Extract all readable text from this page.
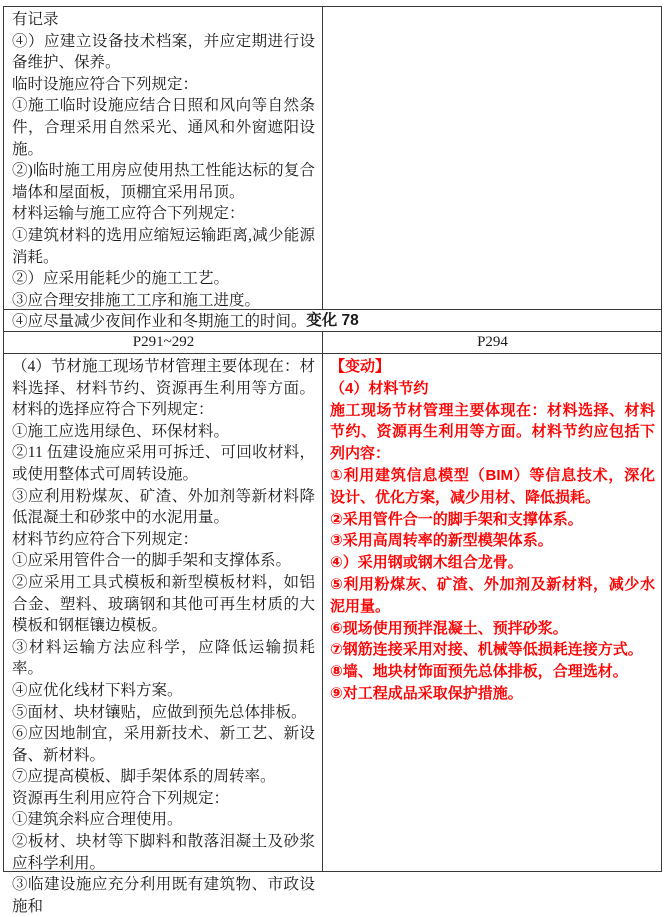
有记录

④）应建立设备技术档案，并应定期进行设备维护、保养。

临时设施应符合下列规定：

①施工临时设施应结合日照和风向等自然条件，合理采用自然采光、通风和外窗遮阳设施。

②)临时施工用房应使用热工性能达标的复合墙体和屋面板，顶棚宜采用吊顶。

材料运输与施工应符合下列规定：

①建筑材料的选用应缩短运输距离,减少能源消耗。

②）应采用能耗少的施工工艺。

③应合理安排施工工序和施工进度。

④应尽量减少夜间作业和冬期施工的时间。 变化 78
P291~292	P294

（4）节材施工现场节材管理主要体现在：材料选择、材料节约、资源再生利用等方面。材料的选择应符合下列规定：

①施工应选用绿色、环保材料。

②11 伍建设施应采用可拆迁、可回收材料，或使用整体式可周转设施。

③应利用粉煤灰、矿渣、外加剂等新材料降低混凝土和砂浆中的水泥用量。

材料节约应符合下列规定：

①应采用管件合一的脚手架和支撑体系。

②应采用工具式模板和新型模板材料，如铝合金、塑料、玻璃钢和其他可再生材质的大模板和钢框镶边模板。

③材料运输方法应科学，应降低运输损耗率。

④应优化线材下料方案。

⑤面材、块材镶贴，应做到预先总体排板。

⑥应因地制宜，采用新技术、新工艺、新设备、新材料。

⑦应提高模板、脚手架体系的周转率。

资源再生利用应符合下列规定：

①建筑余料应合理使用。

②板材、块材等下脚料和散落泪凝土及砂浆应科学利用。

③临建设施应充分利用既有建筑物、市政设施和

【变动】

（4）材料节约

施工现场节材管理主要体现在：材料选择、材料节约、资源再生利用等方面。材料节约应包括下列内容：

①利用建筑信息模型（BIM）等信息技术，深化设计、优化方案，减少用材、降低损耗。

②采用管件合一的脚手架和支撑体系。

③采用高周转率的新型模架体系。

④）采用钢或钢木组合龙骨。

⑤利用粉煤灰、矿渣、外加剂及新材料，减少水泥用量。

⑥现场使用预拌混凝土、预拌砂浆。

⑦钢筋连接采用对接、机械等低损耗连接方式。

⑧墙、地块材饰面预先总体排板，合理选材。

⑨对工程成品采取保护措施。
